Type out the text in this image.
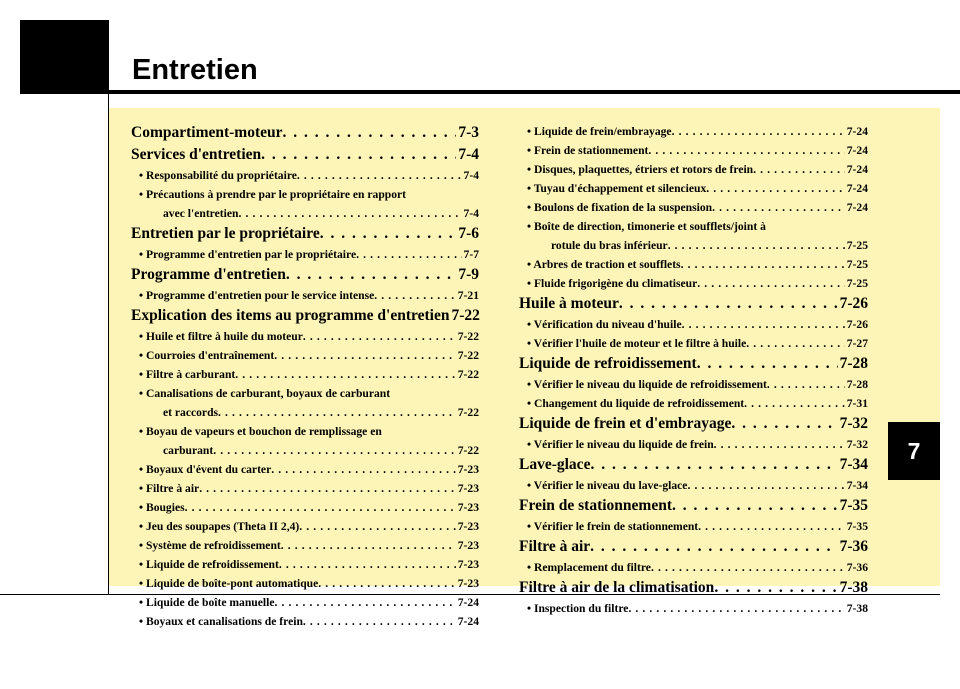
Entretien
7
Compartiment-moteur . . .	7-3
Services d'entretien . . .	7-4
• Responsabilité du propriétaire . . .	7-4
• Précautions à prendre par le propriétaire en rapport
avec l'entretien . . .	7-4
Entretien par le propriétaire . . .	7-6
• Programme d'entretien par le propriétaire . . .	7-7
Programme d'entretien . . .	7-9
• Programme d'entretien pour le service intense . . .	7-21
Explication des items au programme d'entretien 7-22
• Huile et filtre à huile du moteur . . .	7-22
• Courroies d'entraînement . . .	7-22
• Filtre à carburant . . .	7-22
• Canalisations de carburant, boyaux de carburant
et raccords . . .	7-22
• Boyau de vapeurs et bouchon de remplissage en
carburant . . .	7-22
• Boyaux d'évent du carter . . .	7-23
• Filtre à air . . .	7-23
• Bougies . . .	7-23
• Jeu des soupapes (Theta II 2,4) . . .	7-23
• Système de refroidissement . . .	7-23
• Liquide de refroidissement . . .	7-23
• Liquide de boîte-pont automatique . . .	7-23
• Liquide de boîte manuelle . . .	7-24
• Boyaux et canalisations de frein . . .	7-24
• Liquide de frein/embrayage . . .	7-24
• Frein de stationnement . . .	7-24
• Disques, plaquettes, étriers et rotors de frein . . .	7-24
• Tuyau d'échappement et silencieux . . .	7-24
• Boulons de fixation de la suspension . . .	7-24
• Boîte de direction, timonerie et soufflets/joint à
rotule du bras inférieur . . .	7-25
• Arbres de traction et soufflets . . .	7-25
• Fluide frigorigène du climatiseur . . .	7-25
Huile à moteur . . .	7-26
• Vérification du niveau d'huile . . .	7-26
• Vérifier l'huile de moteur et le filtre à huile . . .	7-27
Liquide de refroidissement . . .	7-28
• Vérifier le niveau du liquide de refroidissement . . .	7-28
• Changement du liquide de refroidissement . . .	7-31
Liquide de frein et d'embrayage . . .	7-32
• Vérifier le niveau du liquide de frein . . .	7-32
Lave-glace . . .	7-34
• Vérifier le niveau du lave-glace . . .	7-34
Frein de stationnement . . .	7-35
• Vérifier le frein de stationnement . . .	7-35
Filtre à air . . .	7-36
• Remplacement du filtre . . .	7-36
Filtre à air de la climatisation . . .	7-38
• Inspection du filtre . . .	7-38
